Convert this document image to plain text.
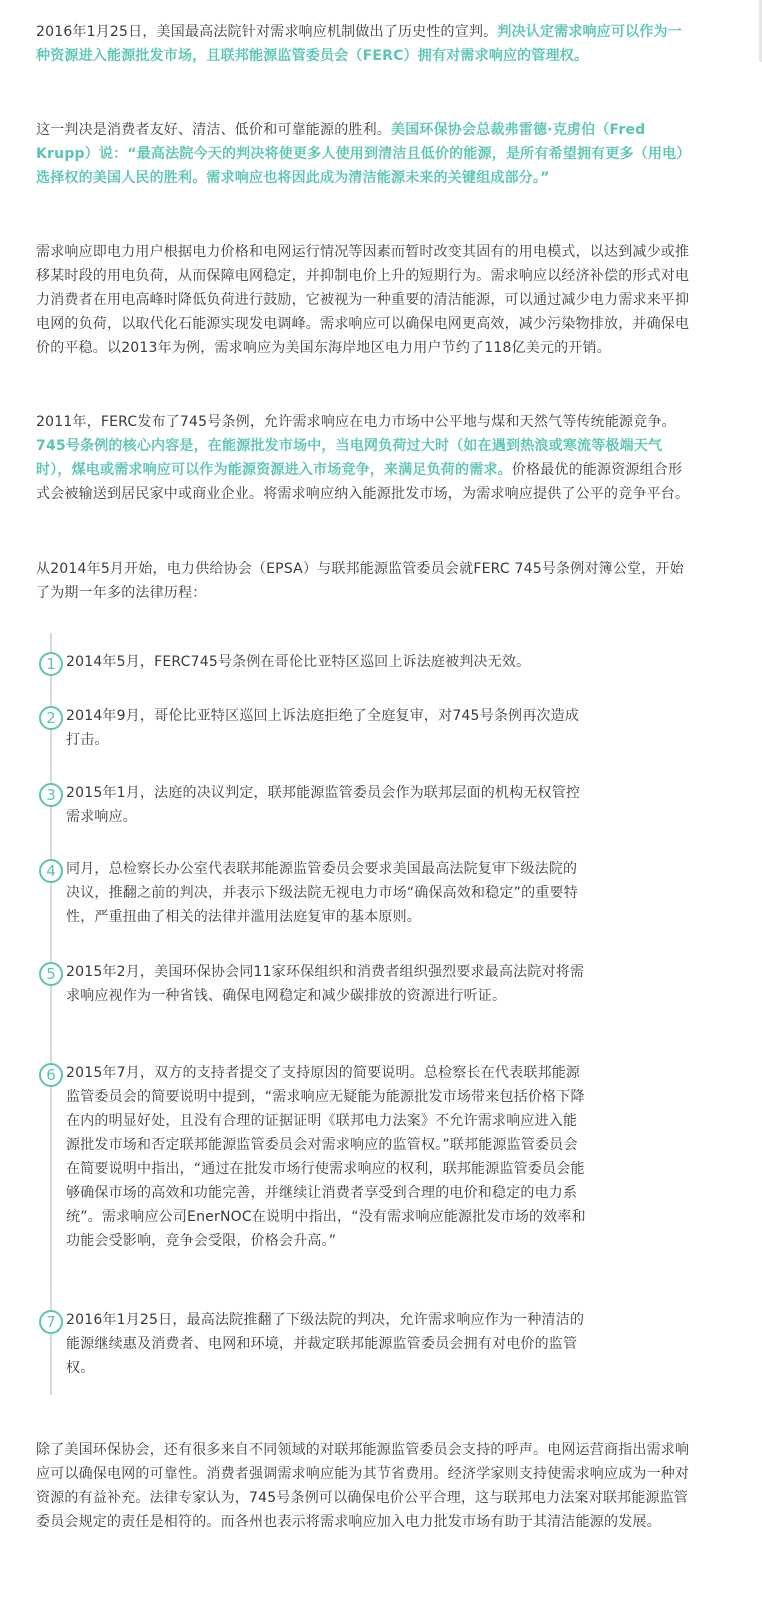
2016年1月25日，美国最高法院针对需求响应机制做出了历史性的宣判。判决认定需求响应可以作为一种资源进入能源批发市场，且联邦能源监管委员会（FERC）拥有对需求响应的管理权。

这一判决是消费者友好、清洁、低价和可靠能源的胜利。美国环保协会总裁弗雷德·克虏伯（Fred Krupp）说：“最高法院今天的判决将使更多人使用到清洁且低价的能源，是所有希望拥有更多（用电）选择权的美国人民的胜利。需求响应也将因此成为清洁能源未来的关键组成部分。”

需求响应即电力用户根据电力价格和电网运行情况等因素而暂时改变其固有的用电模式，以达到减少或推移某时段的用电负荷，从而保障电网稳定，并抑制电价上升的短期行为。需求响应以经济补偿的形式对电力消费者在用电高峰时降低负荷进行鼓励，它被视为一种重要的清洁能源，可以通过减少电力需求来平抑电网的负荷，以取代化石能源实现发电调峰。需求响应可以确保电网更高效，减少污染物排放，并确保电价的平稳。以2013年为例，需求响应为美国东海岸地区电力用户节约了118亿美元的开销。

2011年，FERC发布了745号条例，允许需求响应在电力市场中公平地与煤和天然气等传统能源竞争。745号条例的核心内容是，在能源批发市场中，当电网负荷过大时（如在遇到热浪或寒流等极端天气时），煤电或需求响应可以作为能源资源进入市场竞争，来满足负荷的需求。价格最优的能源资源组合形式会被输送到居民家中或商业企业。将需求响应纳入能源批发市场，为需求响应提供了公平的竞争平台。

从2014年5月开始，电力供给协会（EPSA）与联邦能源监管委员会就FERC 745号条例对簿公堂，开始了为期一年多的法律历程：

1 2014年5月，FERC745号条例在哥伦比亚特区巡回上诉法庭被判决无效。

2 2014年9月，哥伦比亚特区巡回上诉法庭拒绝了全庭复审，对745号条例再次造成打击。

3 2015年1月，法庭的决议判定，联邦能源监管委员会作为联邦层面的机构无权管控需求响应。

4 同月，总检察长办公室代表联邦能源监管委员会要求美国最高法院复审下级法院的决议，推翻之前的判决，并表示下级法院无视电力市场“确保高效和稳定”的重要特性，严重扭曲了相关的法律并滥用法庭复审的基本原则。

5 2015年2月，美国环保协会同11家环保组织和消费者组织强烈要求最高法院对将需求响应视作为一种省钱、确保电网稳定和减少碳排放的资源进行听证。

6 2015年7月，双方的支持者提交了支持原因的简要说明。总检察长在代表联邦能源监管委员会的简要说明中提到，“需求响应无疑能为能源批发市场带来包括价格下降在内的明显好处，且没有合理的证据证明《联邦电力法案》不允许需求响应进入能源批发市场和否定联邦能源监管委员会对需求响应的监管权。”联邦能源监管委员会在简要说明中指出，“通过在批发市场行使需求响应的权利，联邦能源监管委员会能够确保市场的高效和功能完善，并继续让消费者享受到合理的电价和稳定的电力系统”。需求响应公司EnerNOC在说明中指出，“没有需求响应能源批发市场的效率和功能会受影响，竞争会受限，价格会升高。”

7 2016年1月25日，最高法院推翻了下级法院的判决，允许需求响应作为一种清洁的能源继续惠及消费者、电网和环境，并裁定联邦能源监管委员会拥有对电价的监管权。

除了美国环保协会，还有很多来自不同领域的对联邦能源监管委员会支持的呼声。电网运营商指出需求响应可以确保电网的可靠性。消费者强调需求响应能为其节省费用。经济学家则支持使需求响应成为一种对资源的有益补充。法律专家认为，745号条例可以确保电价公平合理，这与联邦电力法案对联邦能源监管委员会规定的责任是相符的。而各州也表示将需求响应加入电力批发市场有助于其清洁能源的发展。
